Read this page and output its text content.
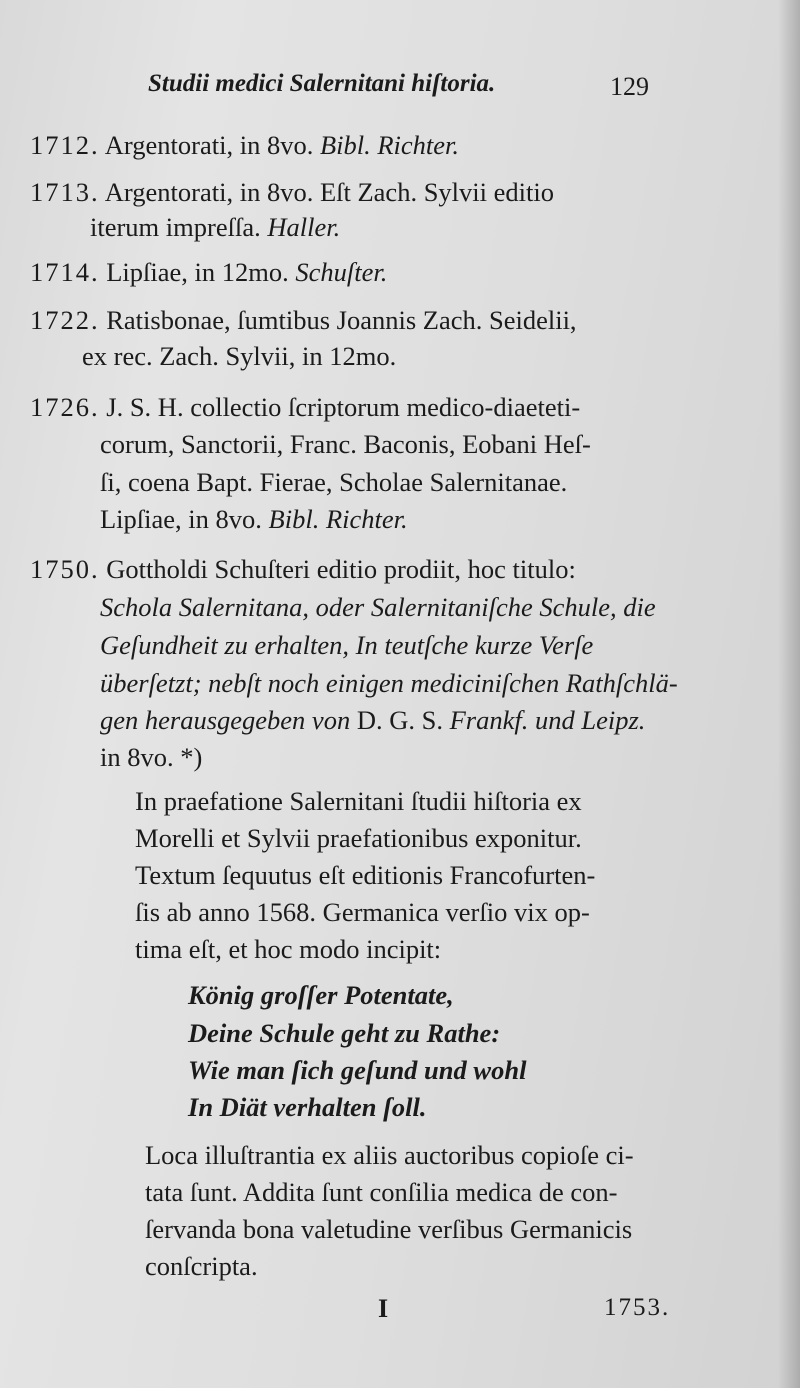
Studii medici Salernitani hiſtoria.	129
1712. Argentorati, in 8vo. Bibl. Richter.
1713. Argentorati, in 8vo. Eſt Zach. Sylvii editio
iterum impreſſa. Haller.
1714. Lipſiae, in 12mo. Schuſter.
1722. Ratisbonae, ſumtibus Joannis Zach. Seidelii,
ex rec. Zach. Sylvii, in 12mo.
1726. J. S. H. collectio ſcriptorum medico-diaeteti-
corum, Sanctorii, Franc. Baconis, Eobani Heſ-
ſi, coena Bapt. Fierae, Scholae Salernitanae.
Lipſiae, in 8vo. Bibl. Richter.
1750. Gottholdi Schuſteri editio prodiit, hoc titulo:
Schola Salernitana, oder Salernitaniſche Schule, die
Geſundheit zu erhalten, In teutſche kurze Verſe
überſetzt; nebſt noch einigen mediciniſchen Rathſchlä-
gen herausgegeben von D. G. S. Frankf. und Leipz.
in 8vo. *)
In praefatione Salernitani ſtudii hiſtoria ex
Morelli et Sylvii praefationibus exponitur.
Textum ſequutus eſt editionis Francofurten-
ſis ab anno 1568. Germanica verſio vix op-
tima eſt, et hoc modo incipit:
König groſſer Potentate,
Deine Schule geht zu Rathe:
Wie man ſich geſund und wohl
In Diät verhalten ſoll.
Loca illuſtrantia ex aliis auctoribus copioſe ci-
tata ſunt. Addita ſunt conſilia medica de con-
ſervanda bona valetudine verſibus Germanicis
conſcripta.
I	1753.
